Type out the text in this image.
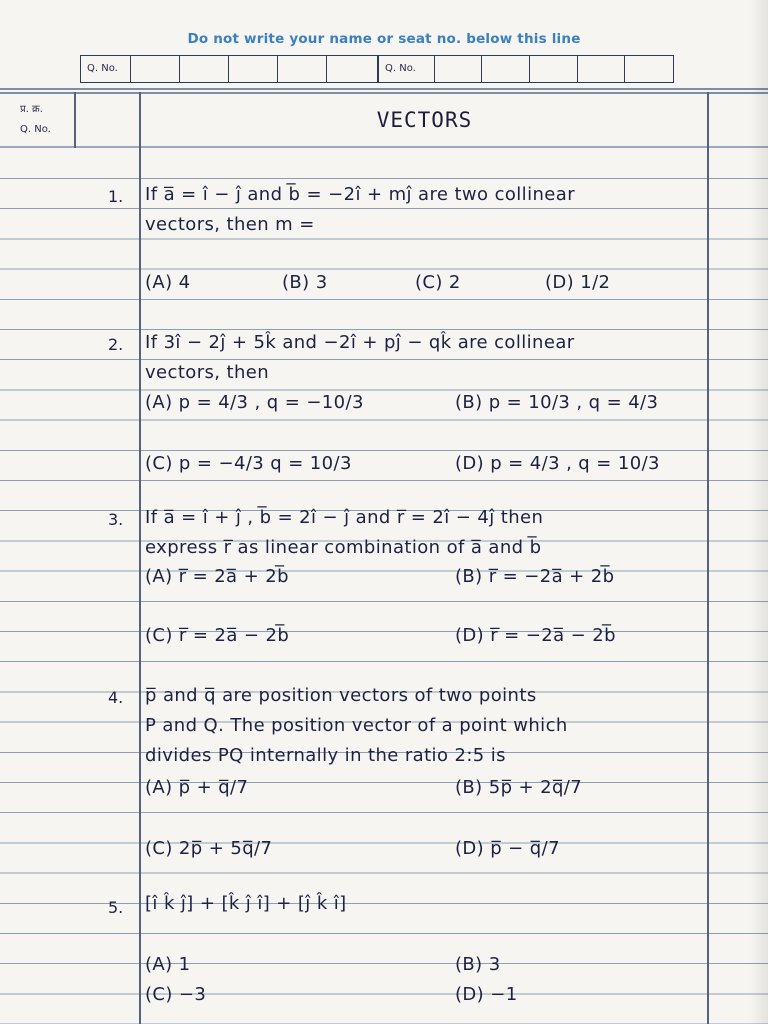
Do not write your name or seat no. below this line
Q. No.	Q. No.
प्र. क्र.
Q. No.	VECTORS
1. If a̅ = î − ĵ and b̅ = −2î + mĵ are two collinear
vectors, then m =
(A) 4	(B) 3	(C) 2	(D) 1/2
2. If 3î − 2ĵ + 5k̂ and −2î + pĵ − qk̂ are collinear
vectors, then
(A) p = 4/3 , q = −10/3	(B) p = 10/3 , q = 4/3
(C) p = −4/3 q = 10/3	(D) p = 4/3 , q = 10/3
3. If a̅ = î + ĵ , b̅ = 2î − ĵ and r̅ = 2î − 4ĵ then
express r̅ as linear combination of a̅ and b̅
(A) r̅ = 2a̅ + 2b̅	(B) r̅ = −2a̅ + 2b̅
(C) r̅ = 2a̅ − 2b̅	(D) r̅ = −2a̅ − 2b̅
4. p̅ and q̅ are position vectors of two points
P and Q. The position vector of a point which
divides PQ internally in the ratio 2:5 is
(A) p̅ + q̅/7	(B) 5p̅ + 2q̅/7
(C) 2p̅ + 5q̅/7	(D) p̅ − q̅/7
5. [î k̂ ĵ] + [k̂ ĵ î] + [ĵ k̂ î]
(A) 1	(B) 3
(C) −3	(D) −1
